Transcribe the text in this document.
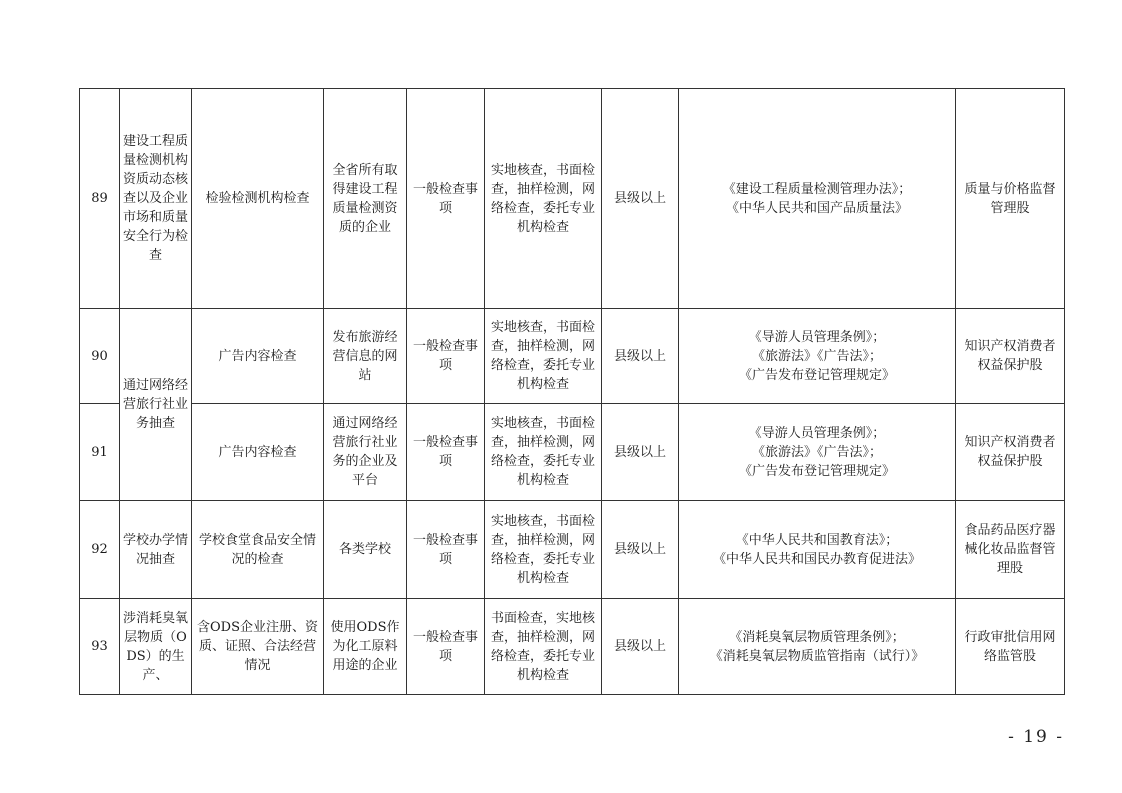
89	建设工程质量检测机构资质动态核查以及企业市场和质量安全行为检查	检验检测机构检查	全省所有取得建设工程质量检测资质的企业	一般检查事项	实地核查，书面检查，抽样检测，网络检查，委托专业机构检查	县级以上	《建设工程质量检测管理办法》；
《中华人民共和国产品质量法》	质量与价格监督管理股
90	通过网络经营旅行社业务抽查	广告内容检查	发布旅游经营信息的网站	一般检查事项	实地核查，书面检查，抽样检测，网络检查，委托专业机构检查	县级以上	《导游人员管理条例》；
《旅游法》《广告法》；
《广告发布登记管理规定》	知识产权消费者权益保护股
91		广告内容检查	通过网络经营旅行社业务的企业及平台	一般检查事项	实地核查，书面检查，抽样检测，网络检查，委托专业机构检查	县级以上	《导游人员管理条例》；
《旅游法》《广告法》；
《广告发布登记管理规定》	知识产权消费者权益保护股
92	学校办学情况抽查	学校食堂食品安全情况的检查	各类学校	一般检查事项	实地核查，书面检查，抽样检测，网络检查，委托专业机构检查	县级以上	《中华人民共和国教育法》；
《中华人民共和国民办教育促进法》	食品药品医疗器械化妆品监督管理股
93	涉消耗臭氧层物质（ODS）的生产、	含ODS企业注册、资质、证照、合法经营情况	使用ODS作为化工原料用途的企业	一般检查事项	书面检查，实地核查，抽样检测，网络检查，委托专业机构检查	县级以上	《消耗臭氧层物质管理条例》；
《消耗臭氧层物质监管指南（试行）》	行政审批信用网络监管股
- 19 -
